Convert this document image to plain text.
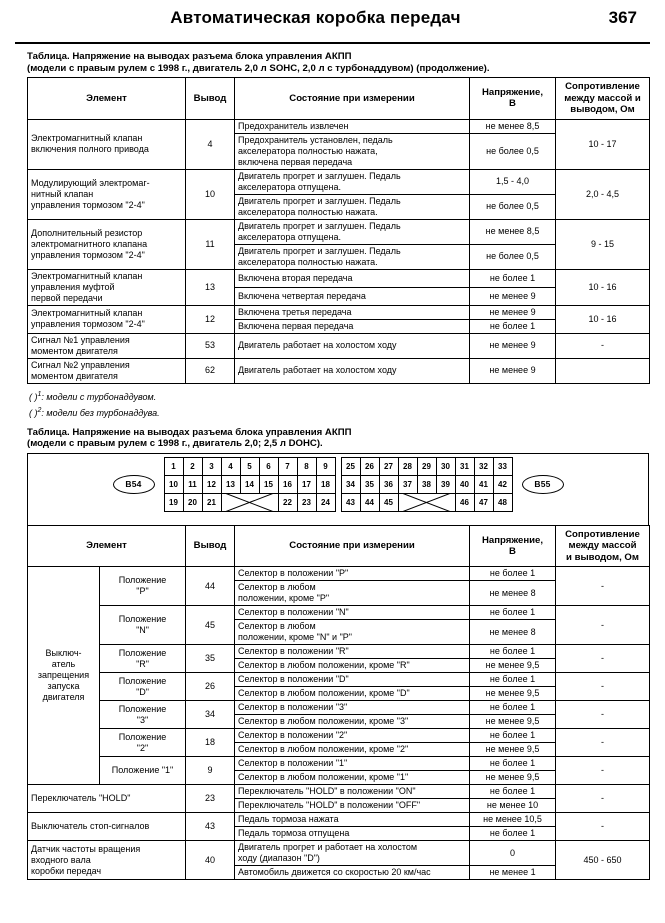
Автоматическая коробка передач	367
Таблица. Напряжение на выводах разъема блока управления АКПП
(модели с правым рулем с 1998 г., двигатель 2,0 л SOHC, 2,0 л с турбонаддувом) (продолжение).
Элемент	Вывод	Состояние при измерении	Напряжение,
В	Сопротивление
между массой и
выводом, Ом
Электромагнитный клапан
включения полного привода	4	Предохранитель извлечен	не менее 8,5	10 - 17
		Предохранитель установлен, педаль
акселератора полностью нажата,
включена первая передача	не более 0,5	
Модулирующий электромаг-
нитный клапан
управления тормозом "2-4"	10	Двигатель прогрет и заглушен. Педаль
акселератора отпущена.	1,5 - 4,0	2,0 - 4,5
		Двигатель прогрет и заглушен. Педаль
акселератора полностью нажата.	не более 0,5	
Дополнительный резистор
электромагнитного клапана
управления тормозом "2-4"	11	Двигатель прогрет и заглушен. Педаль
акселератора отпущена.	не менее 8,5	9 - 15
		Двигатель прогрет и заглушен. Педаль
акселератора полностью нажата.	не более 0,5	
Электромагнитный клапан
управления муфтой
первой передачи	13	Включена вторая передача	не более 1	10 - 16
		Включена четвертая передача	не менее 9	
Электромагнитный клапан
управления тормозом "2-4"	12	Включена третья передача	не менее 9	10 - 16
		Включена первая передача	не более 1	
Сигнал №1 управления
моментом двигателя	53	Двигатель работает на холостом ходу	не менее 9	-
Сигнал №2 управления
моментом двигателя	62	Двигатель работает на холостом ходу	не менее 9	
( )$^1$: модели с турбонаддувом.
( )$^2$: модели без турбонаддува.
Таблица. Напряжение на выводах разъема блока управления АКПП
(модели с правым рулем с 1998 г., двигатель 2,0; 2,5 л DOHC).
B54
1	2	3	4	5	6	7	8	9
10	11	12	13	14	15	16	17	18
19	20	21				22	23	24
25	26	27	28	29	30	31	32	33
34	35	36	37	38	39	40	41	42
43	44	45				46	47	48
B55
Элемент		Вывод	Состояние при измерении	Напряжение,
В	Сопротивление
между массой
и выводом, Ом
Выключ-
атель
запрещения
запуска
двигателя	Положение
"P"	44	Селектор в положении "P"	не более 1	-
			Селектор в любом
положении, кроме "P"	не менее 8	
	Положение
"N"	45	Селектор в положении "N"	не более 1	-
			Селектор в любом
положении, кроме "N" и "P"	не менее 8	
	Положение
"R"	35	Селектор в положении "R"	не более 1	-
			Селектор в любом положении, кроме "R"	не менее 9,5	
	Положение
"D"	26	Селектор в положении "D"	не более 1	-
			Селектор в любом положении, кроме "D"	не менее 9,5	
	Положение
"3"	34	Селектор в положении "3"	не более 1	-
			Селектор в любом положении, кроме "3"	не менее 9,5	
	Положение
"2"	18	Селектор в положении "2"	не более 1	-
			Селектор в любом положении, кроме "2"	не менее 9,5	
	Положение "1"	9	Селектор в положении "1"	не более 1	-
			Селектор в любом положении, кроме "1"	не менее 9,5	
Переключатель "HOLD"		23	Переключатель "HOLD" в положении "ON"	не более 1	-
			Переключатель "HOLD" в положении "OFF"	не менее 10	
Выключатель стоп-сигналов		43	Педаль тормоза нажата	не менее 10,5	-
			Педаль тормоза отпущена	не более 1	
Датчик частоты вращения
входного вала
коробки передач		40	Двигатель прогрет и работает на холостом
ходу (диапазон "D")	0	450 - 650
			Автомобиль движется со скоростью 20 км/час	не менее 1	
